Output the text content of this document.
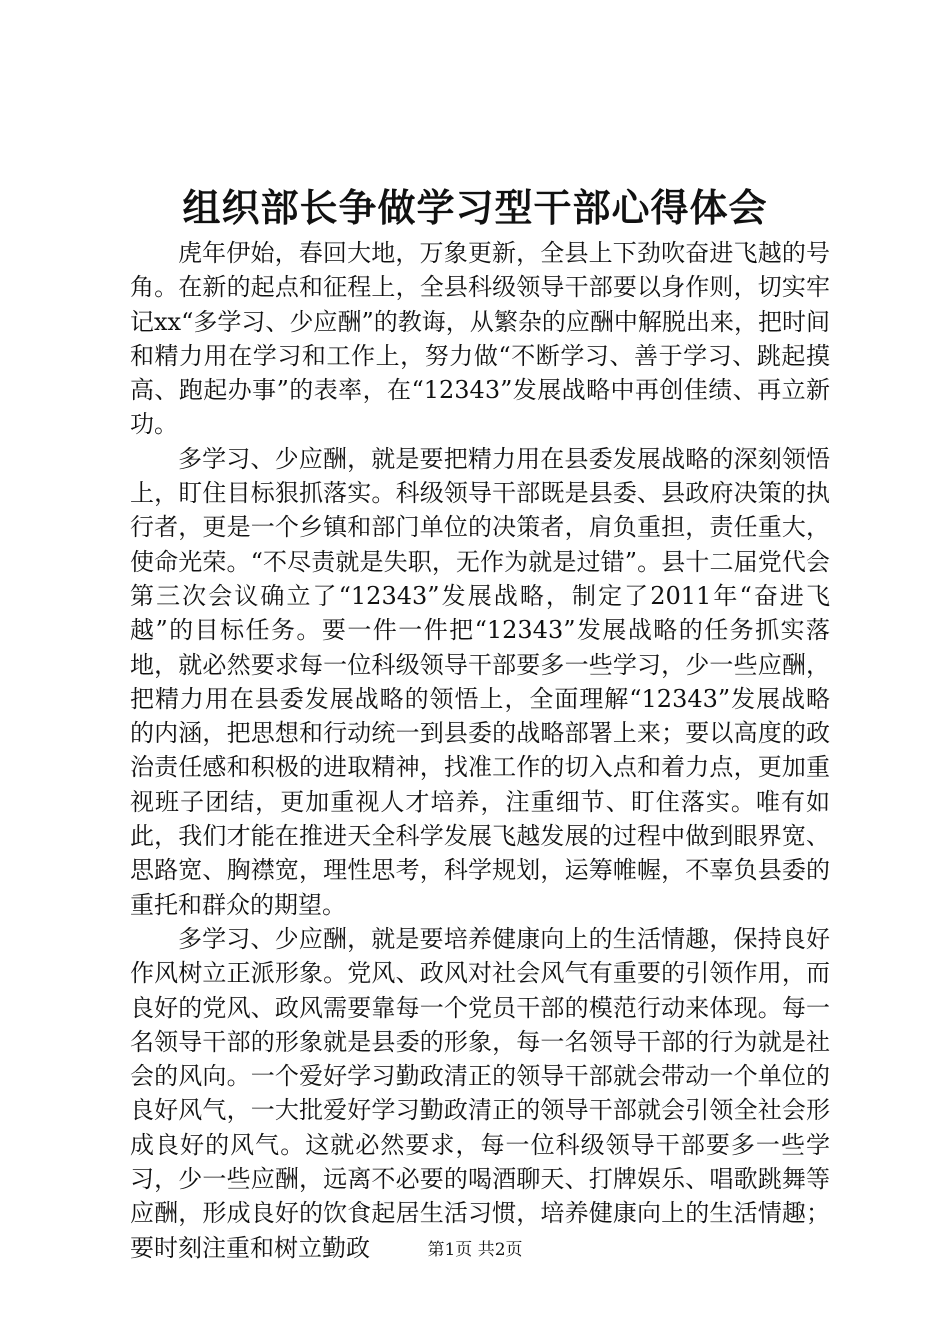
组织部长争做学习型干部心得体会

虎年伊始，春回大地，万象更新，全县上下劲吹奋进飞越的号角。在新的起点和征程上，全县科级领导干部要以身作则，切实牢记xx“多学习、少应酬”的教诲，从繁杂的应酬中解脱出来，把时间和精力用在学习和工作上，努力做“不断学习、善于学习、跳起摸高、跑起办事”的表率，在“12343”发展战略中再创佳绩、再立新功。

多学习、少应酬，就是要把精力用在县委发展战略的深刻领悟上，盯住目标狠抓落实。科级领导干部既是县委、县政府决策的执行者，更是一个乡镇和部门单位的决策者，肩负重担，责任重大，使命光荣。“不尽责就是失职，无作为就是过错”。县十二届党代会第三次会议确立了“12343”发展战略，制定了2011年“奋进飞越”的目标任务。要一件一件把“12343”发展战略的任务抓实落地，就必然要求每一位科级领导干部要多一些学习，少一些应酬，把精力用在县委发展战略的领悟上，全面理解“12343”发展战略的内涵，把思想和行动统一到县委的战略部署上来；要以高度的政治责任感和积极的进取精神，找准工作的切入点和着力点，更加重视班子团结，更加重视人才培养，注重细节、盯住落实。唯有如此，我们才能在推进天全科学发展飞越发展的过程中做到眼界宽、思路宽、胸襟宽，理性思考，科学规划，运筹帷幄，不辜负县委的重托和群众的期望。

多学习、少应酬，就是要培养健康向上的生活情趣，保持良好作风树立正派形象。党风、政风对社会风气有重要的引领作用，而良好的党风、政风需要靠每一个党员干部的模范行动来体现。每一名领导干部的形象就是县委的形象，每一名领导干部的行为就是社会的风向。一个爱好学习勤政清正的领导干部就会带动一个单位的良好风气，一大批爱好学习勤政清正的领导干部就会引领全社会形成良好的风气。这就必然要求，每一位科级领导干部要多一些学习，少一些应酬，远离不必要的喝酒聊天、打牌娱乐、唱歌跳舞等应酬，形成良好的饮食起居生活习惯，培养健康向上的生活情趣；要时刻注重和树立勤政	第1页 共2页
